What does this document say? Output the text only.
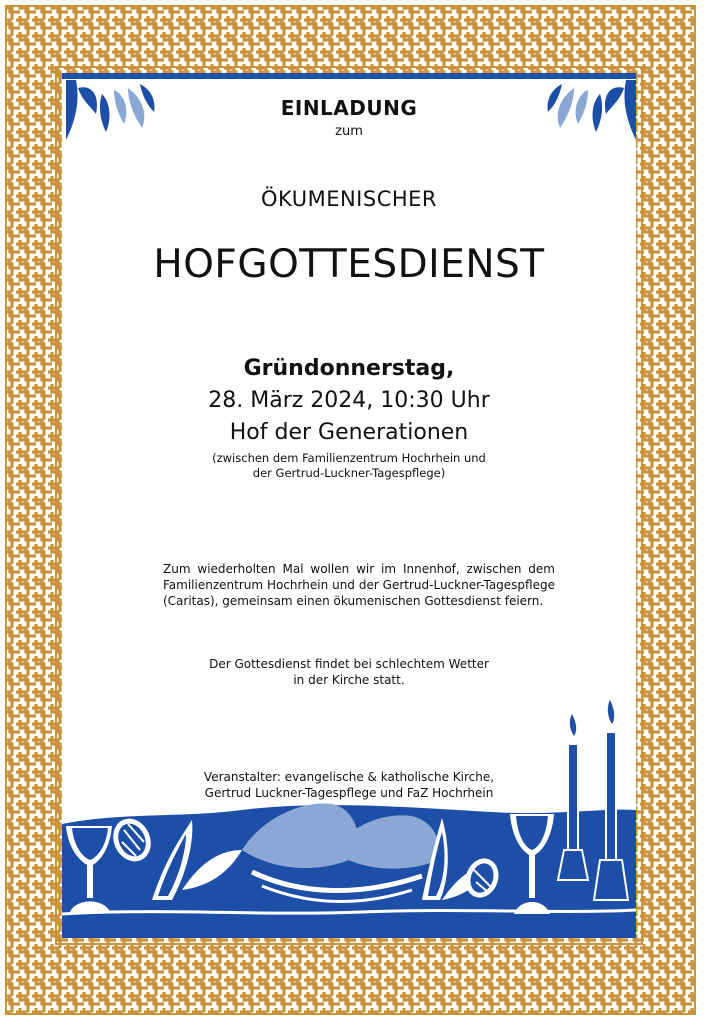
EINLADUNG
zum
ÖKUMENISCHER
HOFGOTTESDIENST
Gründonnerstag,
28. März 2024, 10:30 Uhr
Hof der Generationen
(zwischen dem Familienzentrum Hochrhein und
der Gertrud-Luckner-Tagespflege)
Zum wiederholten Mal wollen wir im Innenhof, zwischen dem Familienzentrum Hochrhein und der Gertrud-Luckner-Tagespflege (Caritas), gemeinsam einen ökumenischen Gottesdienst feiern.
Der Gottesdienst findet bei schlechtem Wetter
in der Kirche statt.
Veranstalter: evangelische & katholische Kirche,
Gertrud Luckner-Tagespflege und FaZ Hochrhein
